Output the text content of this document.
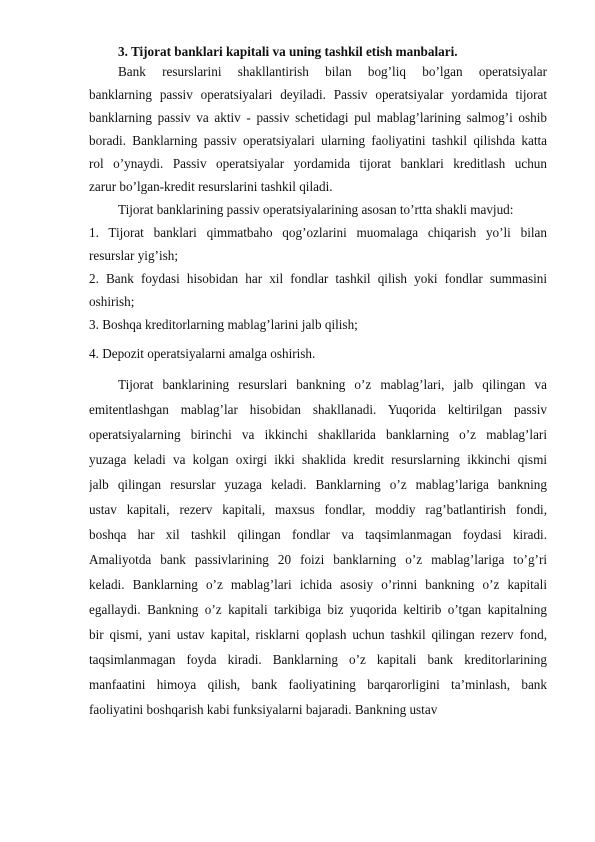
3. Tijorat banklari kapitali va uning tashkil etish manbalari.
Bank resurslarini shakllantirish bilan bog’liq bo’lgan operatsiyalar
banklarning passiv operatsiyalari deyiladi. Passiv operatsiyalar yordamida tijorat
banklarning passiv va aktiv - passiv schetidagi pul mablag’larining salmog’i oshib
boradi. Banklarning passiv operatsiyalari ularning faoliyatini tashkil qilishda katta
rol o’ynaydi. Passiv operatsiyalar yordamida tijorat banklari kreditlash uchun
zarur bo’lgan-kredit resurslarini tashkil qiladi.
Tijorat banklarining passiv operatsiyalarining asosan to’rtta shakli mavjud:
1. Tijorat banklari qimmatbaho qog’ozlarini muomalaga chiqarish yo’li bilan
resurslar yig’ish;
2. Bank foydasi hisobidan har xil fondlar tashkil qilish yoki fondlar summasini
oshirish;
3. Boshqa kreditorlarning mablag’larini jalb qilish;
4. Depozit operatsiyalarni amalga oshirish.
Tijorat banklarining resurslari bankning o’z mablag’lari, jalb qilingan va
emitentlashgan mablag’lar hisobidan shakllanadi. Yuqorida keltirilgan passiv
operatsiyalarning birinchi va ikkinchi shakllarida banklarning o’z mablag’lari
yuzaga keladi va kolgan oxirgi ikki shaklida kredit resurslarning ikkinchi qismi
jalb qilingan resurslar yuzaga keladi. Banklarning o’z mablag’lariga bankning
ustav kapitali, rezerv kapitali, maxsus fondlar, moddiy rag’batlantirish fondi,
boshqa har xil tashkil qilingan fondlar va taqsimlanmagan foydasi kiradi.
Amaliyotda bank passivlarining 20 foizi banklarning o’z mablag’lariga to’g’ri
keladi. Banklarning o’z mablag’lari ichida asosiy o’rinni bankning o’z kapitali
egallaydi. Bankning o’z kapitali tarkibiga biz yuqorida keltirib o’tgan kapitalning
bir qismi, yani ustav kapital, risklarni qoplash uchun tashkil qilingan rezerv fond,
taqsimlanmagan foyda kiradi. Banklarning o’z kapitali bank kreditorlarining
manfaatini himoya qilish, bank faoliyatining barqarorligini ta’minlash, bank
faoliyatini boshqarish kabi funksiyalarni bajaradi. Bankning ustav
